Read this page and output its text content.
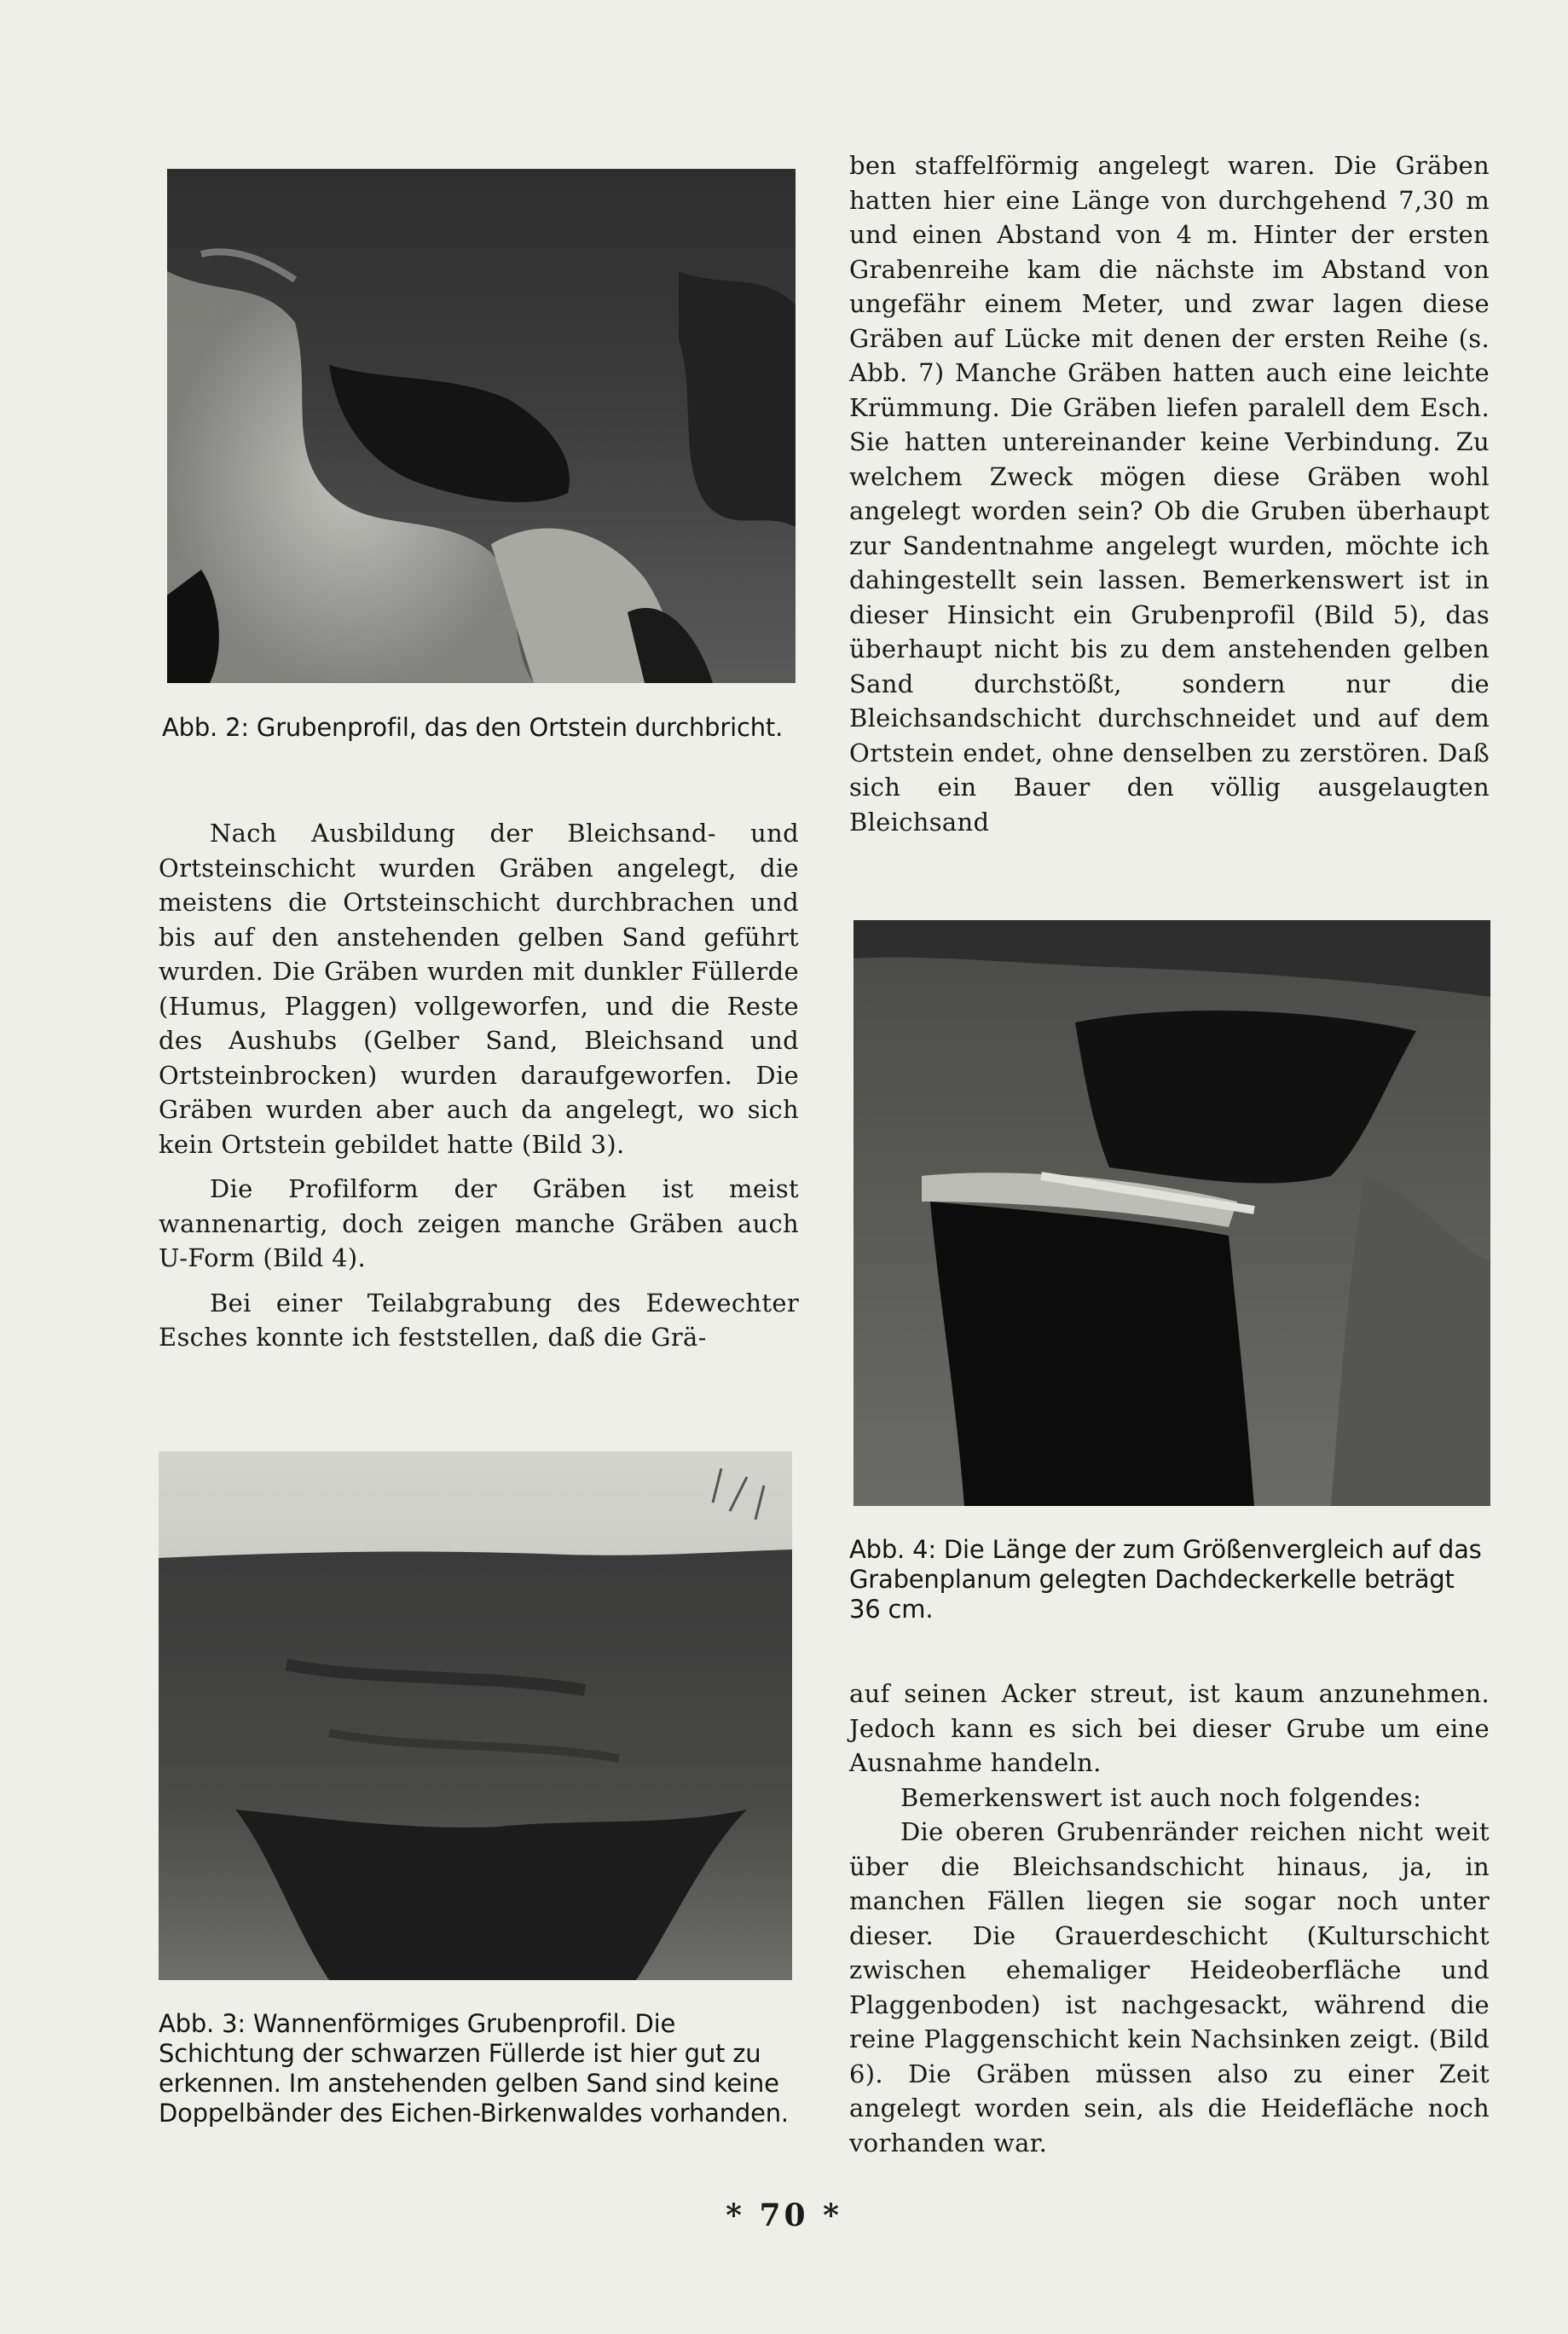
Abb. 2: Grubenprofil, das den Ortstein durchbricht.

Nach Ausbildung der Bleichsand- und Ortsteinschicht wurden Gräben angelegt, die meistens die Ortsteinschicht durchbrachen und bis auf den anstehenden gelben Sand geführt wurden. Die Gräben wurden mit dunkler Füllerde (Humus, Plaggen) vollgeworfen, und die Reste des Aushubs (Gelber Sand, Bleichsand und Ortsteinbrocken) wurden daraufgeworfen. Die Gräben wurden aber auch da angelegt, wo sich kein Ortstein gebildet hatte (Bild 3).

Die Profilform der Gräben ist meist wannenartig, doch zeigen manche Gräben auch U-Form (Bild 4).

Bei einer Teilabgrabung des Edewechter Esches konnte ich feststellen, daß die Grä-

Abb. 3: Wannenförmiges Grubenprofil. Die Schichtung der schwarzen Füllerde ist hier gut zu erkennen. Im anstehenden gelben Sand sind keine Doppelbänder des Eichen-Birkenwaldes vorhanden.

ben staffelförmig angelegt waren. Die Gräben hatten hier eine Länge von durchgehend 7,30 m und einen Abstand von 4 m. Hinter der ersten Grabenreihe kam die nächste im Abstand von ungefähr einem Meter, und zwar lagen diese Gräben auf Lücke mit denen der ersten Reihe (s. Abb. 7) Manche Gräben hatten auch eine leichte Krümmung. Die Gräben liefen paralell dem Esch. Sie hatten untereinander keine Verbindung. Zu welchem Zweck mögen diese Gräben wohl angelegt worden sein? Ob die Gruben überhaupt zur Sandentnahme angelegt wurden, möchte ich dahingestellt sein lassen. Bemerkenswert ist in dieser Hinsicht ein Grubenprofil (Bild 5), das überhaupt nicht bis zu dem anstehenden gelben Sand durchstößt, sondern nur die Bleichsandschicht durchschneidet und auf dem Ortstein endet, ohne denselben zu zerstören. Daß sich ein Bauer den völlig ausgelaugten Bleichsand

Abb. 4: Die Länge der zum Größenvergleich auf das Grabenplanum gelegten Dachdeckerkelle beträgt 36 cm.

auf seinen Acker streut, ist kaum anzunehmen. Jedoch kann es sich bei dieser Grube um eine Ausnahme handeln.

Bemerkenswert ist auch noch folgendes:

Die oberen Grubenränder reichen nicht weit über die Bleichsandschicht hinaus, ja, in manchen Fällen liegen sie sogar noch unter dieser. Die Grauerdeschicht (Kulturschicht zwischen ehemaliger Heideoberfläche und Plaggenboden) ist nachgesackt, während die reine Plaggenschicht kein Nachsinken zeigt. (Bild 6). Die Gräben müssen also zu einer Zeit angelegt worden sein, als die Heidefläche noch vorhanden war.

* 70 *
